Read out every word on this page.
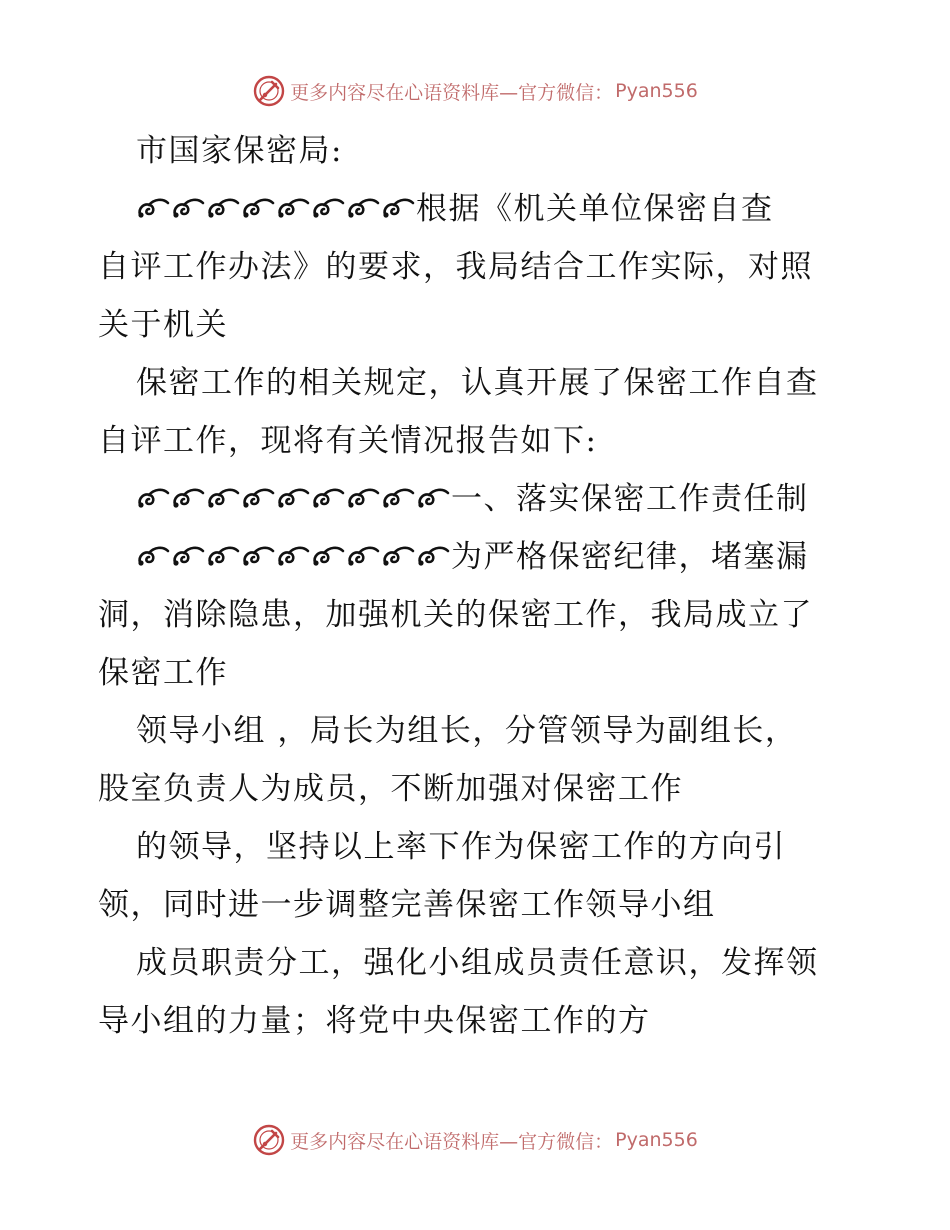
更多内容尽在心语资料库—官方微信： Pyan556
市国家保密局:
根据《机关单位保密自查
自评工作办法》的要求，我局结合工作实际，对照
关于机关
保密工作的相关规定，认真开展了保密工作自查
自评工作，现将有关情况报告如下:
一、落实保密工作责任制
为严格保密纪律，堵塞漏
洞，消除隐患，加强机关的保密工作，我局成立了
保密工作
领导小组 ，局长为组长，分管领导为副组长，
股室负责人为成员，不断加强对保密工作
的领导，坚持以上率下作为保密工作的方向引
领，同时进一步调整完善保密工作领导小组
成员职责分工，强化小组成员责任意识，发挥领
导小组的力量；将党中央保密工作的方
更多内容尽在心语资料库—官方微信： Pyan556
